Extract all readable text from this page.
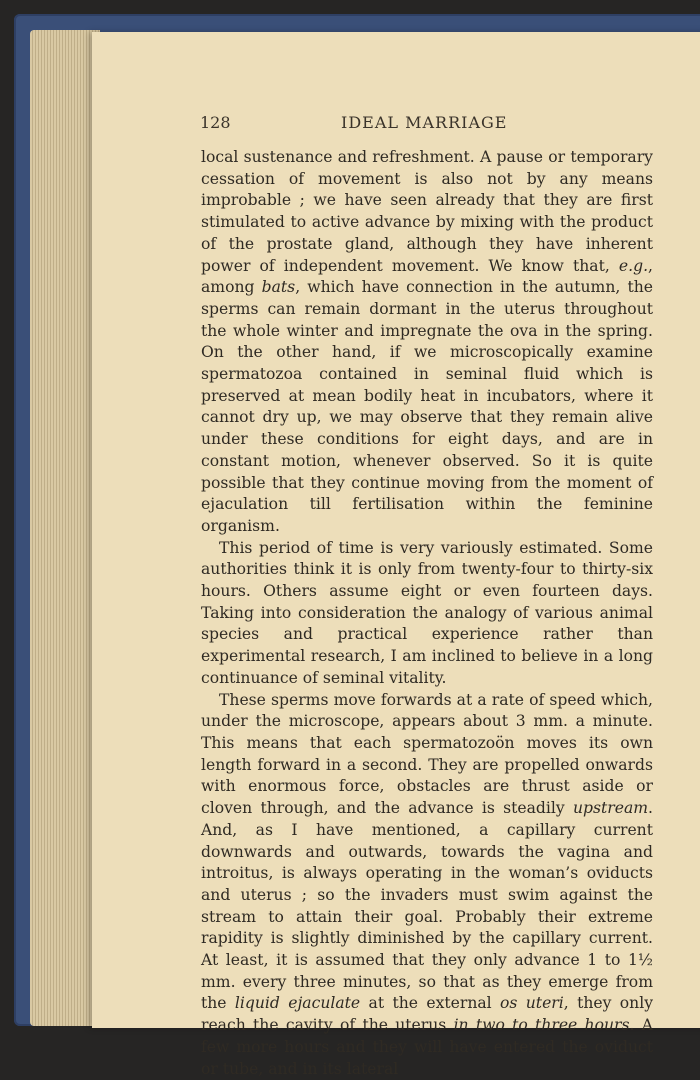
128	IDEAL MARRIAGE

local sustenance and refreshment. A pause or temporary cessation of movement is also not by any means improbable ; we have seen already that they are first stimulated to active advance by mixing with the product of the prostate gland, although they have inherent power of independent movement. We know that, e.g., among bats, which have connection in the autumn, the sperms can remain dormant in the uterus throughout the whole winter and impregnate the ova in the spring. On the other hand, if we microscopically examine spermatozoa contained in seminal fluid which is preserved at mean bodily heat in incubators, where it cannot dry up, we may observe that they remain alive under these conditions for eight days, and are in constant motion, whenever observed. So it is quite possible that they continue moving from the moment of ejaculation till fertilisation within the feminine organism.

This period of time is very variously estimated. Some authorities think it is only from twenty-four to thirty-six hours. Others assume eight or even fourteen days. Taking into consideration the analogy of various animal species and practical experience rather than experimental research, I am inclined to believe in a long continuance of seminal vitality.

These sperms move forwards at a rate of speed which, under the microscope, appears about 3 mm. a minute. This means that each spermatozoön moves its own length forward in a second. They are propelled onwards with enormous force, obstacles are thrust aside or cloven through, and the advance is steadily upstream. And, as I have mentioned, a capillary current downwards and outwards, towards the vagina and introitus, is always operating in the woman’s oviducts and uterus ; so the invaders must swim against the stream to attain their goal. Probably their extreme rapidity is slightly diminished by the capillary current. At least, it is assumed that they only advance 1 to 1½ mm. every three minutes, so that as they emerge from the liquid ejaculate at the external os uteri, they only reach the cavity of the uterus in two to three hours. A few more hours and they will have entered the oviduct or tube, and in its lateral
